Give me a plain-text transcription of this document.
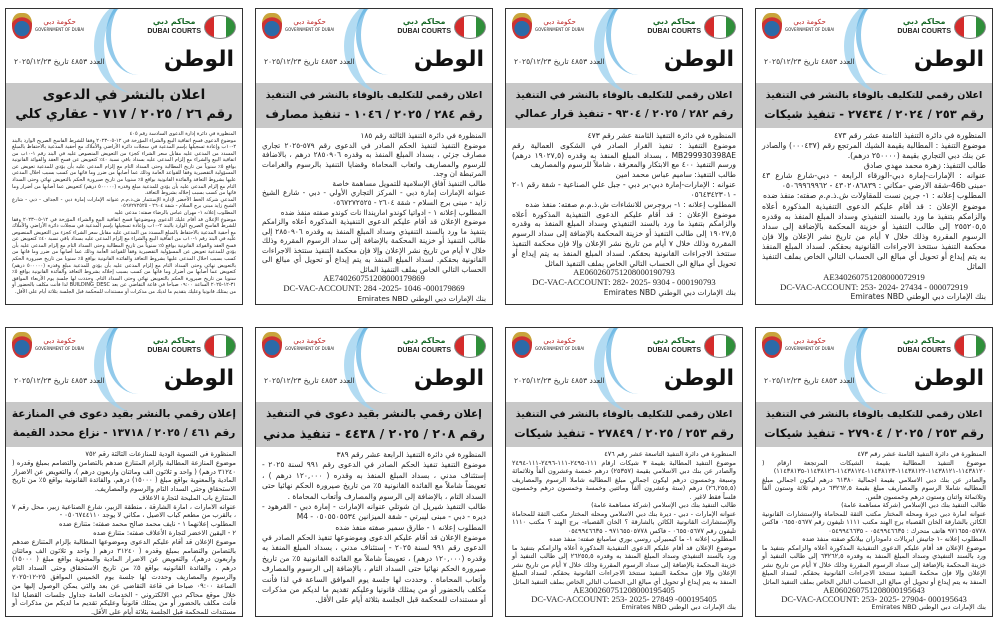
محاكم دبي
DUBAI COURTS
حكومة دبي
GOVERNMENT OF DUBAI
الوطن
العدد ٤٨٥٣ تاريخ ٢٠٢٥/١٢/٢٣
اعلان رقمي للتكليف بالوفاء بالنشر في التنفيذ
رقم ٢٥٣ / ٢٠٢٤ / ٢٧٤٣٤ - تنفيذ شيكات

المنظورة في دائرة التنفيذ الثامنة عشر رقم ٤٧٣

موضوع التنفيذ : المطالبة بقيمة الشيك المرتجع رقم (٠٠٠٤٣٧) والصادر عن بنك دبي التجاري بقيمة (٢٥٠٠٠٠ درهم).

طالب التنفيذ: زهرة محمد مهدي صادق

عنوانه : الإمارات-إمارة دبي-الورقاء الرابعة - دبي-شارع شارع ٤٣ -مبنى 46b-شقة الارضي -مكاني : ٤٣٠٢٠٨٦٨٣٩ - ٠٥٠٦٩٩٦٩٩٦٢

المطلوب إعلانه : ١- جرين نست للمقاولات ش.ذ.م.م صفته: منفذ ضده

موضوع الإعلان : قد أقام عليكم الدعوى التنفيذية المذكورة أعلاه والزامكم بتنفيذ ما ورد بالسند التنفيذي وسداد المبلغ المنفذ به وقدره ٢٥٥٢٠٥,٥ إلى طالب التنفيذ أو خزينة المحكمة بالإضافة إلى سداد الرسوم المقررة وذلك خلال ٧ أيام من تاريخ نشر الإعلان وإلا فإن محكمة التنفيذ ستتخذ الاجراءات القانونية بحقكم. لسداد المبلغ المنفذ به يتم إيداع أو تحويل أي مبالغ الى الحساب التالي الخاص بملف التنفيذ الماثل

AE340260751208000072919

DC-VAC-ACCOUNT: 253- 2024- 27434 - 000072919

بنك الإمارات دبي الوطني Emirates NBD

محاكم دبي
DUBAI COURTS
حكومة دبي
GOVERNMENT OF DUBAI
الوطن
العدد ٤٨٥٣ تاريخ ٢٠٢٥/١٢/٢٣
اعلان رقمي للتكليف بالوفاء بالنشر في التنفيذ
رقم ٢٨٢ / ٢٠٢٥ / ٩٣٠٤ - تنفيذ قرار عمالي

المنظورة في دائرة التنفيذ الثامنة عشر رقم ٤٧٣

موضوع التنفيذ : تنفيذ القرار الصادر في الشكوى العمالية رقم MB299930398AE ، بسداد المبلغ المنفذ به وقدره (١٩٠٢٧,٥ درهم) ورسم التنفيذ ٤٠٠ مع الابتكار والمعرفة ، شاملاً للرسوم والمصاريف

طالب التنفيذ: ساميم عباس محمد امين

عنوانه : الإمارات-إمارة دبي-بر دبي - جبل علي الصناعية - شقة رقم ٢٠١ - ٠٥٦٤٣٤٢٣٠١

المطلوب إعلانه : ١- بروجرس للانشاءات ش.ذ.م.م صفته: منفذ ضده

موضوع الإعلان : قد أقام عليكم الدعوى التنفيذية المذكورة أعلاه والزامكم بتنفيذ ما ورد بالسند التنفيذي وسداد المبلغ المنفذ به وقدره ١٩٠٢٧,٥ إلى طالب التنفيذ أو خزينة المحكمة بالإضافة إلى سداد الرسوم المقررة وذلك خلال ٧ أيام من تاريخ نشر الإعلان وإلا فإن محكمة التنفيذ ستتخذ الاجراءات القانونية بحقكم. لسداد المبلغ المنفذ به يتم إيداع أو تحويل أي مبالغ الى الحساب التالي الخاص بملف التنفيذ الماثل

AE060260751208000190793

DC-VAC-ACCOUNT: 282- 2025- 9304 - 000190793

بنك الإمارات دبي الوطني Emirates NBD

محاكم دبي
DUBAI COURTS
حكومة دبي
GOVERNMENT OF DUBAI
الوطن
العدد ٤٨٥٣ تاريخ ٢٠٢٥/١٢/٢٣
اعلان رقمي للتكليف بالوفاء بالنشر في التنفيذ
رقم ٢٨٤ / ٢٠٢٥ / ١٠٤٦ - تنفيذ مصارف

المنظورة في دائرة التنفيذ الثالثة رقم ١٨٥

موضوع التنفيذ لتنفيذ الحكم الصادر في الدعوى رقم ٥٧٩-٢٠٢٥ تجاري مصارف جزئي ، بسداد المبلغ المنفذ به وقدره ٢٨٥٠٩٠٦ درهم ، بالاضافة للرسوم والمصاريف واتعاب المحاماة وقضايا التنفيذ بالرسوم والغرامات المرتبطة ان وجد.

طالب التنفيذ آفاق الإسلامية للتمويل مساهمة خاصة

عنوانه الإمارات إمارة دبي - المركز التجاري الأولي - دبي - شارع الشيخ زايد - مبنى برج السلام - شقة ٢٦٠٤ - ٠٥٦٧٢٧٢٥٢٥

المطلوب إعلانه ١ - ادواتيا كوندو امارينداا نات كوندو صفته منفذ ضده

موضوع الإعلان قد أقام عليكم الدعوى التنفيذية المذكورة أعلاه والزامكم بتنفيذ ما ورد بالسند التنفيذي وسداد المبلغ المنفذ به وقدره ٢٨٥٠٩٠٦ إلى طالب التنفيذ أو خزينة المحكمة بالإضافة إلى سداد الرسوم المقررة وذلك خلال ٧ أيام من تاريخ نشر الإعلان وإلا فإن محكمة التنفيذ ستتخذ الاجراءات القانونية بحقكم. لسداد المبلغ المنفذ به يتم إيداع أو تحويل أي مبالغ الى الحساب التالي الخاص بملف التنفيذ الماثل

AE740260751208000179869

DC-VAC-ACCOUNT: 284 -2025- 1046 -000179869

بنك الإمارات دبي الوطني Emirates NBD

محاكم دبي
DUBAI COURTS
حكومة دبي
GOVERNMENT OF DUBAI
الوطن
العدد ٤٨٥٣ تاريخ ٢٠٢٥/١٢/٢٣
اعلان بالنشر في الدعوى
رقم ٢٦ / ٢٠٢٥ / ٧١٧ - عقاري كلي

المنظورة في دائرة إدارة الدعوى السادسة رقم ٤٠٥

موضوع الدعوى فسخ اتفاقية البيع والشراء المؤرخة في ١٢-٠٥-٢٠٢٣ وفقا للشرط الفاسخ الصريح الوارد بالبند ٢-١٠ب وإعادة تسجيلها بإسم المدعية في سجلات دائرة الأراضي والأملاك مع أحقية المدعية بالاحتفاظ بالمبلغ المسدد من المدعى عليه مقابل سعر الشراء كجزء من التعويض المنصوص عليه في البند رقم ١-١٠ب من اتفاقية البيع والشراء مع إلزام المدعى عليه بسداد باقي نسبة ٤٠٪ كتعويض عن فسخ العقد والفوائد القانونية بواقع ٥٪ سنوياً من تاريخ المطالبة وحتى السداد التام مع إلزام المدعى عليه بأن يؤدي للمدعية تعويض عن المسؤولية التقصيرية وفقا للقواعد العامة وذلك عما أصابها من ضرر وما فاتها من كسب بسبب اخلال المدعى عليها بشروط التعاقد والفائدة القانونية بواقع ٥٪ سنويا من تاريخ صيرورة الحكم بالتعويض نهائي وحتى السداد التام مع إلزام المدعى عليه بأن يؤدي للمدعية مبلغ وقدره (٥٠٠٠٠٠ درهم) كتعويض عما أصابها من أضرار وما فاتها من كسب بسبب إخلاله بشروط التعاقد.

المدعي شركة الخط الأخضر لإدارة الإستثمار ش.ذ.م.م عنوانه الإمارات إمارة دبي - الجداف - دبي - شارع الشيخ زايد مبنى برج السلام - شقة ٢٦٠٤ - ٠٥٦٧٢٧٢٥٢٥

المطلوب إعلانه ١- مهران عباس بالرضاء صفته: مدعى عليه

موضوع الإعلان قد أقام عليك الدعوى وموضوعها فسخ اتفاقية البيع والشراء المؤرخة في ١٢-٠٥-٢٠٢٣ وفقا للشرط الفاسخ الصريح الوارد بالبند ٢-١٠ب وإعادة تسجيلها بإسم المدعية في سجلات دائرة الأراضي والأملاك مع أحقية المدعية بالاحتفاظ بالمبلغ المسدد من المدعى عليه مقابل سعر الشراء كجزء من التعويض المنصوص عليه في البند رقم ١-١٠ب من اتفاقية البيع والشراء مع إلزام المدعى عليه بسداد باقي نسبة ٤٠٪ كتعويض عن فسخ العقد والفوائد القانونية بواقع ٥٪ سنوياً من تاريخ المطالبة وحتى السداد التام مع إلزام المدعى عليه بأن يؤدي للمدعية تعويض عن المسؤولية التقصيرية وفقا للقواعد العامة وذلك عما أصابها من ضرر وما فاتها من كسب بسبب اخلال المدعى عليها بشروط التعاقد والفائدة القانونية بواقع ٥٪ سنويا من تاريخ صيرورة الحكم بالتعويض نهائي وحتى السداد التام مع إلزام المدعى عليه بأن يؤدي للمدعية مبلغ وقدره (٥٠٠٠٠٠ درهم) كتعويض عما أصابها من أضرار وما فاتها من كسب بسبب إخلاله بشروط التعاقد والفائدة القانونية بواقع ٥٪ سنويا من تاريخ صيرورة الحكم بالتعويض نهائي وحتى السداد التام. وحددت لها جلسة يوم الأربعاء الموافق ٣١-١٢-٢٠٢٥ الساعة ٠٩:٠٠ صباحا في قاعة التقاضي عن بعد BUILDING_DESC لذا فأنت مكلف بالحضور أو من يمثلك قانونيا وعليك بتقديم ما لديك من مذكرات أو مستندات للمحكمة قبل الجلسة بثلاثة أيام على الأقل.

محاكم دبي
DUBAI COURTS
حكومة دبي
GOVERNMENT OF DUBAI
الوطن
العدد ٤٨٥٣ تاريخ ٢٠٢٥/١٢/٢٣
اعلان رقمي للتكليف بالوفاء بالنشر في التنفيذ
رقم ٢٥٣ / ٢٠٢٥ / ٢٧٩٠٤ - تنفيذ شيكات

المنظورة في دائرة التنفيذ الثامنة عشر رقم ٤٧٣

موضوع التنفيذ المطالبة بقيمة الشيكات المرتجعة ارقام ( ١١٤٣٨١٢٠-١١٤٣٨١٢١-١١٤٣٨١٢٢-١١٤٣٨١٢٣-١١٤٣٨١٢٤-١١٤٣٨١٢٦-١١٤٣٨١٣٥) والصادر عن بنك دبي الاسلامي بقيمة اجمالية ٦١٣٨٠ درهم ليكون اجمالي مبلغ المطالبه شاملا الرسوم والمصاريف مبلغ بقيمة ٦٣٢٦٢,٥ درهم ثلاثة وستون ألفاً وثلاثمائة واثنان وستون درهم وخمسون فلس.

طالب التنفيذ بنك دبي الإسلامي (شركة مساهمة عامة)

عنوانه امارة دبي ديرة ومحله المختار مكتب الثقة للمحاماة والإستشارات القانونية الكائن بالشارقة الخان القصباء برج الهند مكتب ١١١١ تليفون رقم ٠٦٥٥٠٥٦٧٧ فاكس ٩٧١٦٥٥٠٥٧٧٨ هاتف متحرك : ٠٥٤٩٩٤٦٦٣٥ - ٠٥٤٩٩٤٦٦٣٥

المطلوب إعلانه -١ جاتيش ايريالات داموداران بيلانكو صفته منفذ ضده

موضوع الإعلان قد أقام عليكم الدعوى التنفيذية المذكورة أعلاه والزامكم بتنفيذ ما ورد بالسند التنفيذي وسداد المبلغ المنفذ به وقدره ٦٣٢٦٢,٥ إلى طالب التنفيذ أو خزينة المحكمة بالإضافة إلى سداد الرسوم المقررة وذلك خلال ٧ أيام من تاريخ نشر الإعلان وإلا فإن محكمة التنفيذ ستتخذ الاجراءات القانونية بحقكم. لسداد المبلغ المنفذ به يتم إيداع أو تحويل أي مبالغ الى الحساب التالي الخاص بملف التنفيذ الماثل

AE060260751208000195643

DC-VAC-ACCOUNT: 253- 2025- 27904- 000195643

بنك الإمارات دبي الوطني Emirates NBD

محاكم دبي
DUBAI COURTS
حكومة دبي
GOVERNMENT OF DUBAI
الوطن
العدد ٤٨٥٣ تاريخ ٢٠٢٥/١٢/٢٣
اعلان رقمي للتكليف بالوفاء بالنشر في التنفيذ
رقم ٢٥٣ / ٢٠٢٥ / ٢٧٨٤٩ - تنفيذ شيكات

المنظورة في دائرة التنفيذ التاسعة عشر رقم ٤٧٦

موضوع التنفيذ المطالبة بقيمة ٣ شيكات ارقام ١١١-٢٤٩٥-١١١-٢٤٩٦-١١١-٢٤٩٤ والصادر عن بنك دبي الاسلامي بقيمة (٢٥٣٥٧) درهم خمسة وعشرون ألفاً وثلاثمائة وسبعة وخمسون درهم ليكون اجمالي مبلغ المطالبه شاملا الرسوم والمصاريف (٢٦,٢٥٥,٥) درهم (ستة وعشرون ألفاً ومائتين وخمسة وخمسون درهم وخمسون فلساً فقط لاغير .

طالب التنفيذ بنك دبي الإسلامي (شركة مساهمة عامة)

عنوانه الإمارات - دبي - ديرة بنك دبي الاسلامي ومحله المختار مكتب الثقة للمحاماة والإستشارات القانونية الكائن بالشارقة ؟ الخان القصباء- برج الهند ؟ مكتب ١١١٠ تليفون رقم ٠٦٥٥٠٥٦٧٧ - فاكس ٩٧١٦٥٥٠٥٧٧٨ - ٠٥٤٩٩٤٦٦٣٥

المطلوب إعلانه ١- ما كيمبيرلي روسي بوري سامبانغ صفته: منفذ ضده

موضوع الإعلان قد أقام عليكم الدعوى التنفيذية المذكورة أعلاه والزامكم بتنفيذ ما ورد بالسند التنفيذي وسداد المبلغ المنفذ به وقدره ٢٦٢٥٥,٥ إلى طالب التنفيذ أو خزينة المحكمة بالإضافة إلى سداد الرسوم المقررة وذلك خلال ٧ أيام من تاريخ نشر الإعلان وإلا فإن محكمة التنفيذ ستتخذ الاجراءات القانونية بحقكم. لسداد المبلغ المنفذ به يتم إيداع أو تحويل أي مبالغ الى الحساب التالي الخاص بملف التنفيذ الماثل

AE300260751208000195405

DC-VAC-ACCOUNT: 253- 2025- 27849 -000195405

بنك الإمارات دبي الوطني Emirates NBD

محاكم دبي
DUBAI COURTS
حكومة دبي
GOVERNMENT OF DUBAI
الوطن
العدد ٤٨٥٣ تاريخ ٢٠٢٥/١٢/٢٣
إعلان رقمي بالنشر بقيد دعوى في التنفيذ
رقم ٢٠٨ / ٢٠٢٥ / ٤٤٣٨ - تنفيذ مدني

المنظورة في دائرة التنفيذ الرابعة عشر رقم ٣٨٩

موضوع التنفيذ تنفيذ الحكم الصادر في الدعوى رقم ٩٩١ لسنة ٢٠٢٥ - إستئناف مدني ، بسداد المبلغ المنفذ به وقدره ( ١٢٠,٠٠٠ درهم ) ، تعويضاً شاملاً مع الفائدة القانونية ٥٪ من تاريخ صيرورة الحكم نهائيا حتى السداد التام ، بالإضافة إلى الرسوم والمصارف وأتعاب المحاماة .

طالب التنفيذ شيريل ان شوتلي عنوانه الإمارات - إمارة دبي - القرهود - ديره - دبي - مبنى ليبرتي - شقة الميزانين ٠٥٠٥٥٠٥٥٣٤ - M4

المطلوب إعلانه ١ - طارق سمير صفته منفذ ضده

موضوع الإعلان قد أقام عليكم الدعوى وموضوعها تنفيذ الحكم الصادر في الدعوى رقم ٩٩١ لسنة ٢٠٢٥ - إستئناف مدني ، بسداد المبلغ المنفذ به وقدره (١٢٠,٠٠٠ درهم) ، تعويضاً شاملاً مع الفائدة القانونية ٥٪ من تاريخ صيرورة الحكم نهائيا حتى السداد التام ، بالإضافة إلى الرسوم والمصارف وأتعاب المحاماة . وحددت لها جلسة يوم الموافق الساعة في لذا فأنت مكلف بالحضور أو من يمثلك قانونيا وعليكم تقديم ما لديكم من مذكرات أو مستندات للمحكمة قبل الجلسة بثلاثة أيام على الأقل.

محاكم دبي
DUBAI COURTS
حكومة دبي
GOVERNMENT OF DUBAI
الوطن
العدد ٤٨٥٣ تاريخ ٢٠٢٥/١٢/٢٣
إعلان رقمي بالنشر بقيد دعوى في المنازعة
رقم ٤٦١ / ٢٠٢٥ / ١٣٧١٨ - نزاع محدد القيمة

المنظورة في التسوية الودية للمنازعات الثالثة رقم ٧٥٢

موضوع المنازعة المطالبة بإلزام المتنازع ضدهم بالتضامن والتضامم بمبلغ وقدره ( ٣١٢٤٠ درهم) ( واحد و ثلاثون الف ومائتان واربعون درهم )، والتعويض عن الاضرار المادية والمعنوية بواقع مبلغ ( ١٥٠٠٠) درهم، والفائدة القانونية بواقع ٥٪ من تاريخ الاستحقاق وحتى السداد التام والرسوم والمصاريف.

المتنازع باب المليحة لتجارة الاعلاف

عنوانه الامارات ، امارة الشارقة ، منطقة الزبير، شارع الصناعية زبير، محل رقم ٧ ، بالقرب من مطعم كباب الاصيل ، مكاني لا يوجد ٠٥٠٦٧٤٤١١٠ -

المطلوب إعلانهما ١ - نايف محمد صالح محمد صفته: متنازع ضده

٢ - اليقين الاخضر لتجارة الأعلاف صفته: متنازع ضده

موضوع الإعلان قد أقام عليكم الدعوى وموضوعها المطالبة بإلزام المتنازع ضدهم بالتضامن والتضامم بمبلغ وقدره ( ٣١٢٤٠ درهم ( واحد و ثلاثون الف ومائتان واربعون درهم)، والتعويض عن الاضرار المادية والمعنوية بواقع مبلغ ( ١٥٠٠٠) درهم ، والفائدة القانونيه بواقع ٥٪ من تاريخ الاستحقاق وحتى السداد التام والرسوم والمصاريف وحددت لها جلسة يوم الخميس الموافق ٢٥-١٢-٢٠٢٥ الساعة ٠٩:٠٠ صباحا في قاعة التقاضي عن بعد والتي يمكن الوصول إليها من خلال موقع محاكم دبي الالكتروني - الخدمات العامة جداول جلسات القضايا لذا فأنت مكلف بالحضور أو من يمثلك قانونياً وعليكم تقديم ما لديكم من مذكرات أو مستندات للمحكمة قبل الجلسة بثلاثة أيام على الأقل.
